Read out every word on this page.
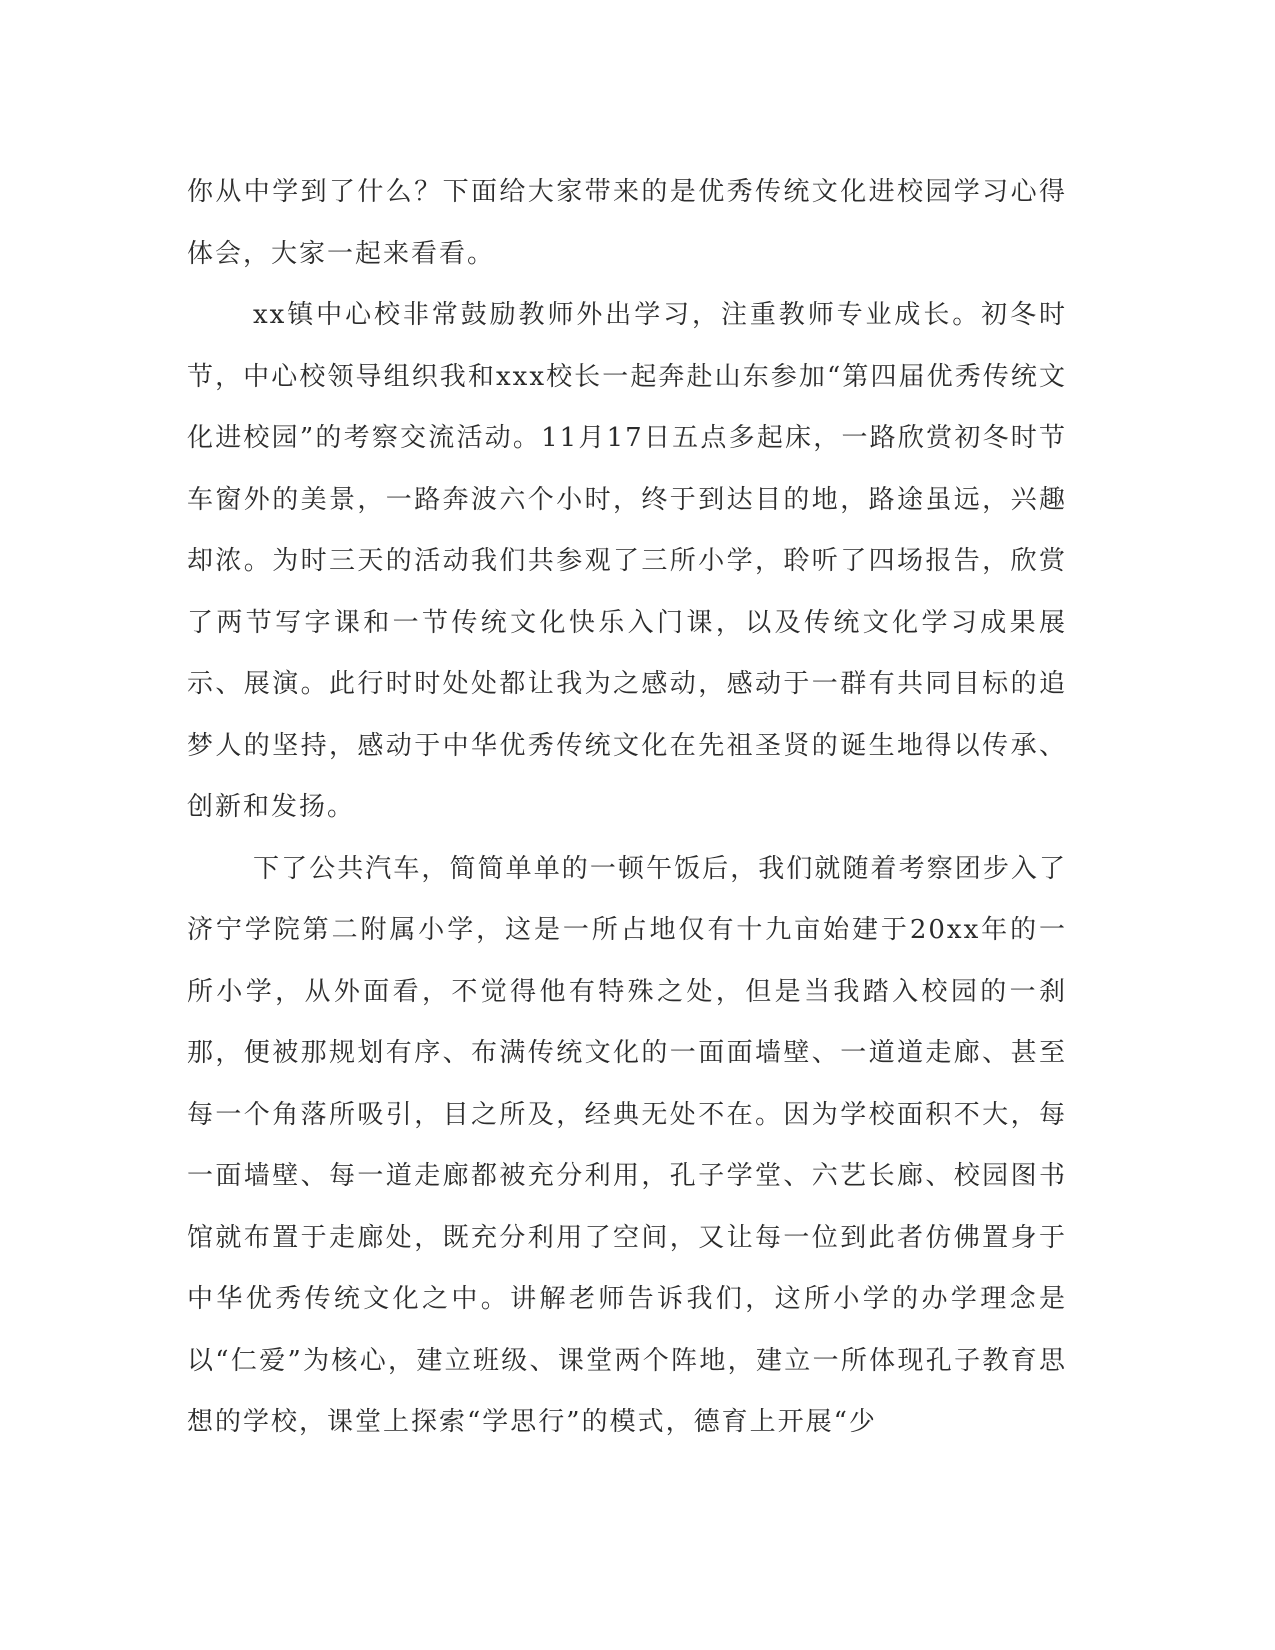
你从中学到了什么？下面给大家带来的是优秀传统文化进校园学习心得体会，大家一起来看看。

xx镇中心校非常鼓励教师外出学习，注重教师专业成长。初冬时节，中心校领导组织我和xxx校长一起奔赴山东参加“第四届优秀传统文化进校园”的考察交流活动。11月17日五点多起床，一路欣赏初冬时节车窗外的美景，一路奔波六个小时，终于到达目的地，路途虽远，兴趣却浓。为时三天的活动我们共参观了三所小学，聆听了四场报告，欣赏了两节写字课和一节传统文化快乐入门课，以及传统文化学习成果展示、展演。此行时时处处都让我为之感动，感动于一群有共同目标的追梦人的坚持，感动于中华优秀传统文化在先祖圣贤的诞生地得以传承、创新和发扬。

下了公共汽车，简简单单的一顿午饭后，我们就随着考察团步入了济宁学院第二附属小学，这是一所占地仅有十九亩始建于20xx年的一所小学，从外面看，不觉得他有特殊之处，但是当我踏入校园的一刹那，便被那规划有序、布满传统文化的一面面墙壁、一道道走廊、甚至每一个角落所吸引，目之所及，经典无处不在。因为学校面积不大，每一面墙壁、每一道走廊都被充分利用，孔子学堂、六艺长廊、校园图书馆就布置于走廊处，既充分利用了空间，又让每一位到此者仿佛置身于中华优秀传统文化之中。讲解老师告诉我们，这所小学的办学理念是以“仁爱”为核心，建立班级、课堂两个阵地，建立一所体现孔子教育思想的学校，课堂上探索“学思行”的模式，德育上开展“少
